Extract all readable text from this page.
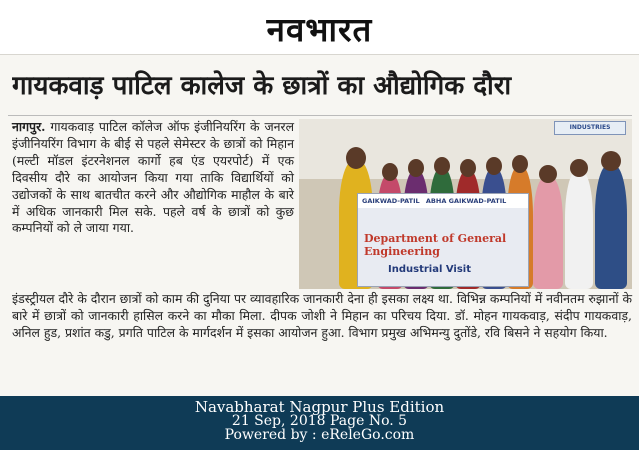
नवभारत
गायकवाड़ पाटिल कालेज के छात्रों का औद्योगिक दौरा
नागपुर. गायकवाड़ पाटिल कॉलेज ऑफ इंजीनियरिंग के जनरल इंजीनियरिंग विभाग के बीई से पहले सेमेस्टर के छात्रों को मिहान (मल्टी मॉडल इंटरनेशनल कार्गो हब एंड एयरपोर्ट) में एक दिवसीय दौरे का आयोजन किया गया ताकि विद्यार्थियों को उद्योजकों के साथ बातचीत करने और औद्योगिक माहौल के बारे में अधिक जानकारी मिल सके. पहले वर्ष के छात्रों को कुछ कम्पनियों को ले जाया गया.
INDUSTRIES
GAIKWAD-PATIL ABHA GAIKWAD-PATIL
Department of General Engineering
Industrial Visit
इंडस्ट्रीयल दौरे के दौरान छात्रों को काम की दुनिया पर व्यावहारिक जानकारी देना ही इसका लक्ष्य था. विभिन्न कम्पनियों में नवीनतम रुझानों के बारे में छात्रों को जानकारी हासिल करने का मौका मिला. दीपक जोशी ने मिहान का परिचय दिया. डॉ. मोहन गायकवाड़, संदीप गायकवाड़, अनिल हुड, प्रशांत कडु, प्रगति पाटिल के मार्गदर्शन में इसका आयोजन हुआ. विभाग प्रमुख अभिमन्यु दुतोंडे, रवि बिसने ने सहयोग किया.
Navabharat Nagpur Plus Edition
21 Sep, 2018 Page No. 5
Powered by : eReleGo.com
